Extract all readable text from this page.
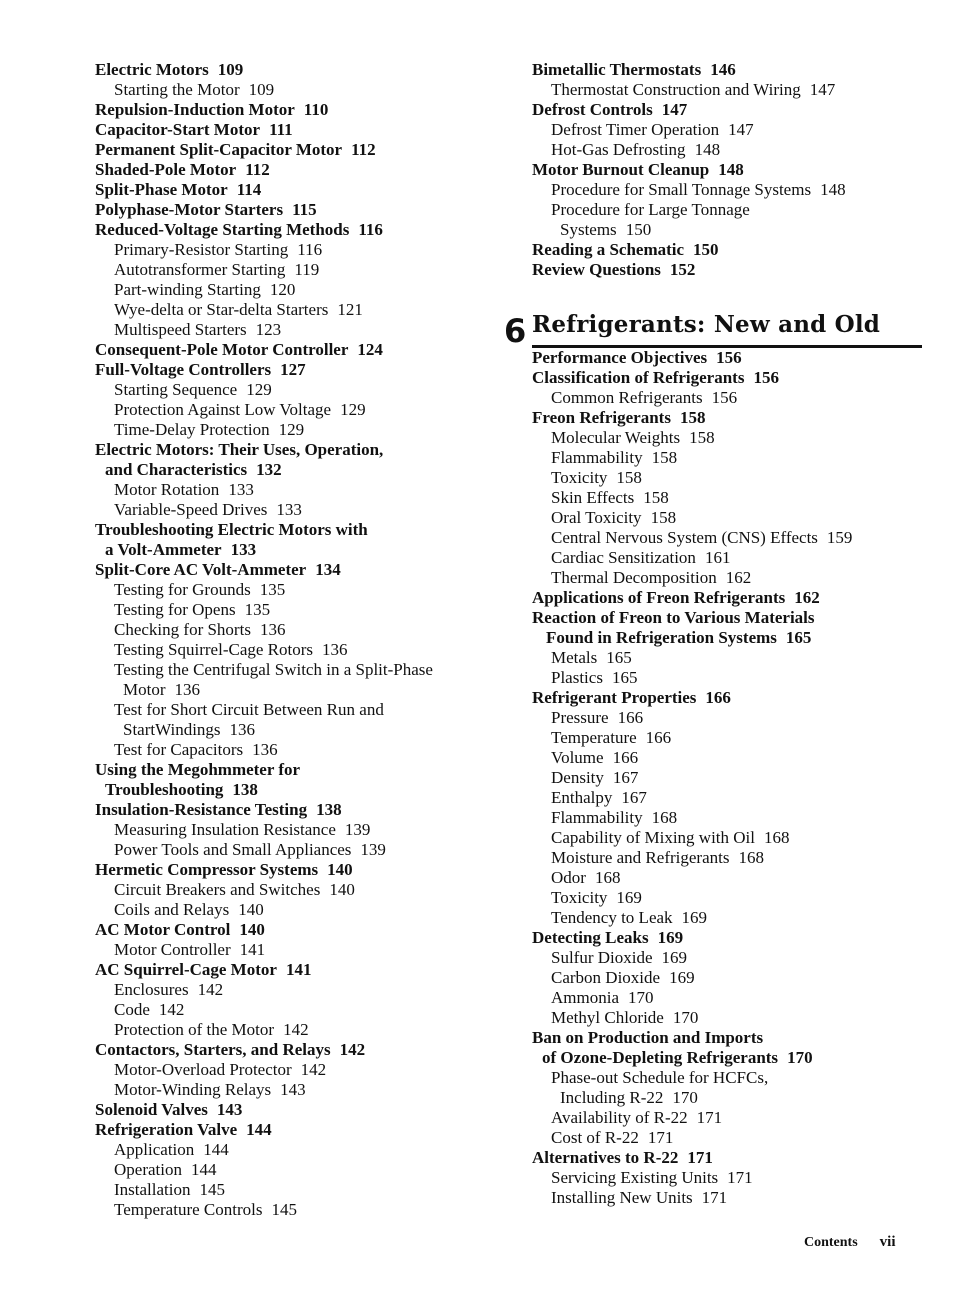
Electric Motors 109
Starting the Motor 109
Repulsion-Induction Motor 110
Capacitor-Start Motor 111
Permanent Split-Capacitor Motor 112
Shaded-Pole Motor 112
Split-Phase Motor 114
Polyphase-Motor Starters 115
Reduced-Voltage Starting Methods 116
Primary-Resistor Starting 116
Autotransformer Starting 119
Part-winding Starting 120
Wye-delta or Star-delta Starters 121
Multispeed Starters 123
Consequent-Pole Motor Controller 124
Full-Voltage Controllers 127
Starting Sequence 129
Protection Against Low Voltage 129
Time-Delay Protection 129
Electric Motors: Their Uses, Operation,
and Characteristics 132
Motor Rotation 133
Variable-Speed Drives 133
Troubleshooting Electric Motors with
a Volt-Ammeter 133
Split-Core AC Volt-Ammeter 134
Testing for Grounds 135
Testing for Opens 135
Checking for Shorts 136
Testing Squirrel-Cage Rotors 136
Testing the Centrifugal Switch in a Split-Phase
Motor 136
Test for Short Circuit Between Run and
StartWindings 136
Test for Capacitors 136
Using the Megohmmeter for
Troubleshooting 138
Insulation-Resistance Testing 138
Measuring Insulation Resistance 139
Power Tools and Small Appliances 139
Hermetic Compressor Systems 140
Circuit Breakers and Switches 140
Coils and Relays 140
AC Motor Control 140
Motor Controller 141
AC Squirrel-Cage Motor 141
Enclosures 142
Code 142
Protection of the Motor 142
Contactors, Starters, and Relays 142
Motor-Overload Protector 142
Motor-Winding Relays 143
Solenoid Valves 143
Refrigeration Valve 144
Application 144
Operation 144
Installation 145
Temperature Controls 145
Bimetallic Thermostats 146
Thermostat Construction and Wiring 147
Defrost Controls 147
Defrost Timer Operation 147
Hot-Gas Defrosting 148
Motor Burnout Cleanup 148
Procedure for Small Tonnage Systems 148
Procedure for Large Tonnage
Systems 150
Reading a Schematic 150
Review Questions 152
6 Refrigerants: New and Old
Performance Objectives 156
Classification of Refrigerants 156
Common Refrigerants 156
Freon Refrigerants 158
Molecular Weights 158
Flammability 158
Toxicity 158
Skin Effects 158
Oral Toxicity 158
Central Nervous System (CNS) Effects 159
Cardiac Sensitization 161
Thermal Decomposition 162
Applications of Freon Refrigerants 162
Reaction of Freon to Various Materials
Found in Refrigeration Systems 165
Metals 165
Plastics 165
Refrigerant Properties 166
Pressure 166
Temperature 166
Volume 166
Density 167
Enthalpy 167
Flammability 168
Capability of Mixing with Oil 168
Moisture and Refrigerants 168
Odor 168
Toxicity 169
Tendency to Leak 169
Detecting Leaks 169
Sulfur Dioxide 169
Carbon Dioxide 169
Ammonia 170
Methyl Chloride 170
Ban on Production and Imports
of Ozone-Depleting Refrigerants 170
Phase-out Schedule for HCFCs,
Including R-22 170
Availability of R-22 171
Cost of R-22 171
Alternatives to R-22 171
Servicing Existing Units 171
Installing New Units 171
Contents vii
